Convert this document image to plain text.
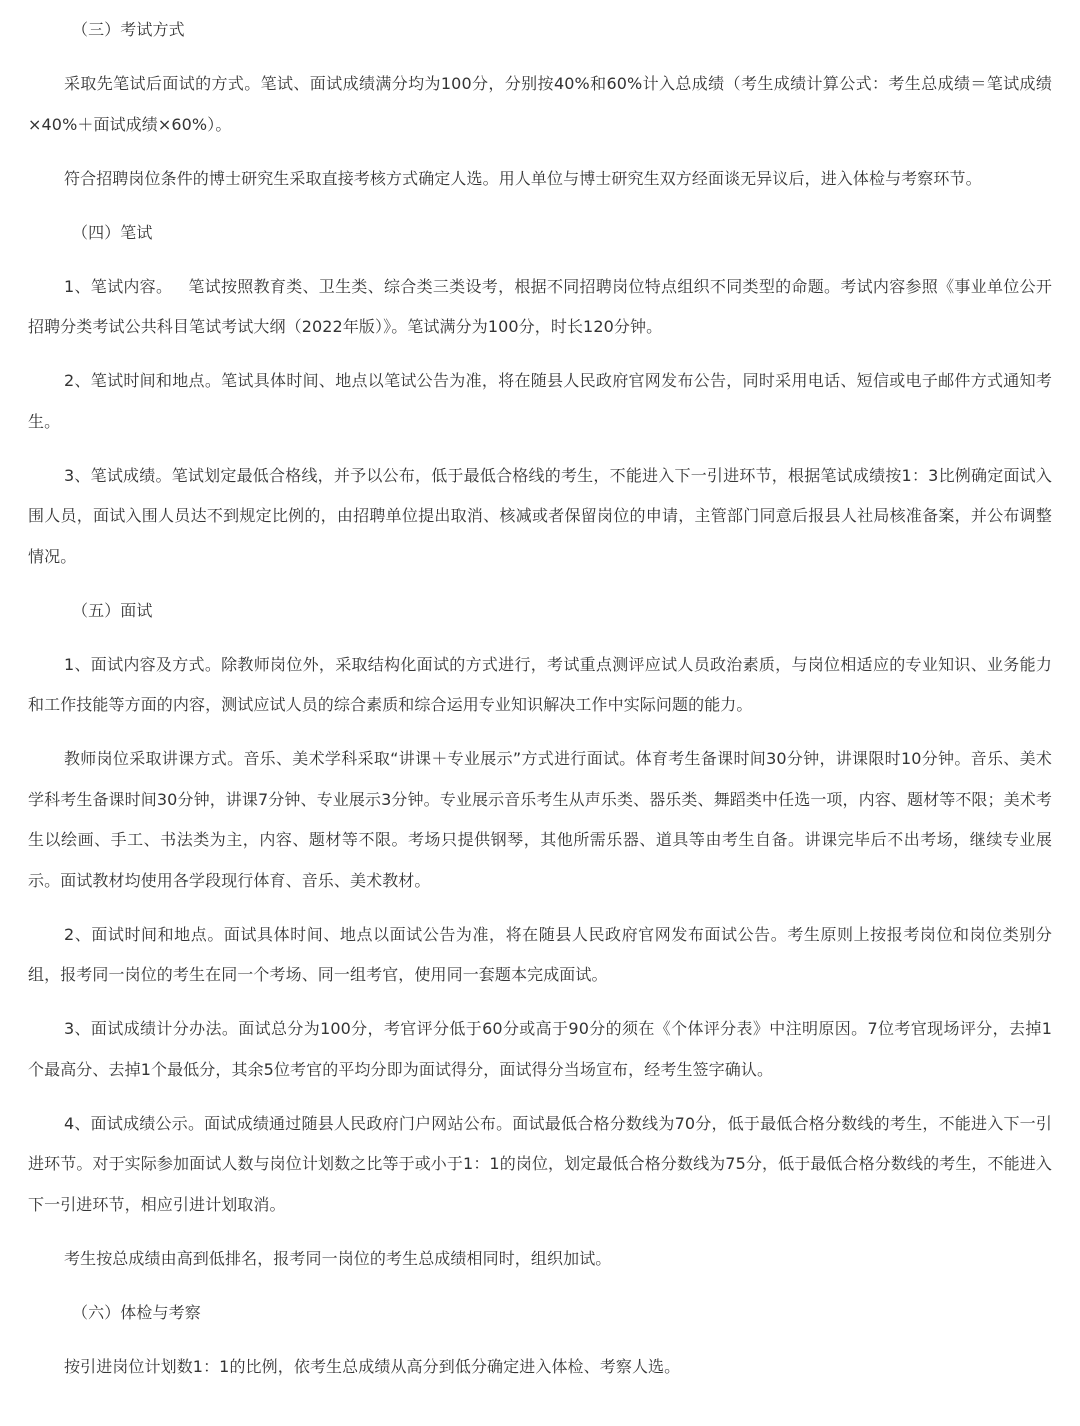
（三）考试方式

采取先笔试后面试的方式。笔试、面试成绩满分均为100分，分别按40%和60%计入总成绩（考生成绩计算公式：考生总成绩＝笔试成绩×40%＋面试成绩×60%）。

符合招聘岗位条件的博士研究生采取直接考核方式确定人选。用人单位与博士研究生双方经面谈无异议后，进入体检与考察环节。

（四）笔试

1、笔试内容。   笔试按照教育类、卫生类、综合类三类设考，根据不同招聘岗位特点组织不同类型的命题。考试内容参照《事业单位公开招聘分类考试公共科目笔试考试大纲（2022年版）》。笔试满分为100分，时长120分钟。

2、笔试时间和地点。笔试具体时间、地点以笔试公告为准，将在随县人民政府官网发布公告，同时采用电话、短信或电子邮件方式通知考生。

3、笔试成绩。笔试划定最低合格线，并予以公布，低于最低合格线的考生，不能进入下一引进环节，根据笔试成绩按1：3比例确定面试入围人员，面试入围人员达不到规定比例的，由招聘单位提出取消、核减或者保留岗位的申请，主管部门同意后报县人社局核准备案，并公布调整情况。

（五）面试

1、面试内容及方式。除教师岗位外，采取结构化面试的方式进行，考试重点测评应试人员政治素质，与岗位相适应的专业知识、业务能力和工作技能等方面的内容，测试应试人员的综合素质和综合运用专业知识解决工作中实际问题的能力。

教师岗位采取讲课方式。音乐、美术学科采取“讲课＋专业展示”方式进行面试。体育考生备课时间30分钟，讲课限时10分钟。音乐、美术学科考生备课时间30分钟，讲课7分钟、专业展示3分钟。专业展示音乐考生从声乐类、器乐类、舞蹈类中任选一项，内容、题材等不限；美术考生以绘画、手工、书法类为主，内容、题材等不限。考场只提供钢琴，其他所需乐器、道具等由考生自备。讲课完毕后不出考场，继续专业展示。面试教材均使用各学段现行体育、音乐、美术教材。

2、面试时间和地点。面试具体时间、地点以面试公告为准，将在随县人民政府官网发布面试公告。考生原则上按报考岗位和岗位类别分组，报考同一岗位的考生在同一个考场、同一组考官，使用同一套题本完成面试。

3、面试成绩计分办法。面试总分为100分，考官评分低于60分或高于90分的须在《个体评分表》中注明原因。7位考官现场评分，去掉1个最高分、去掉1个最低分，其余5位考官的平均分即为面试得分，面试得分当场宣布，经考生签字确认。

4、面试成绩公示。面试成绩通过随县人民政府门户网站公布。面试最低合格分数线为70分，低于最低合格分数线的考生，不能进入下一引进环节。对于实际参加面试人数与岗位计划数之比等于或小于1：1的岗位，划定最低合格分数线为75分，低于最低合格分数线的考生，不能进入下一引进环节，相应引进计划取消。

考生按总成绩由高到低排名，报考同一岗位的考生总成绩相同时，组织加试。

（六）体检与考察

按引进岗位计划数1：1的比例，依考生总成绩从高分到低分确定进入体检、考察人选。
